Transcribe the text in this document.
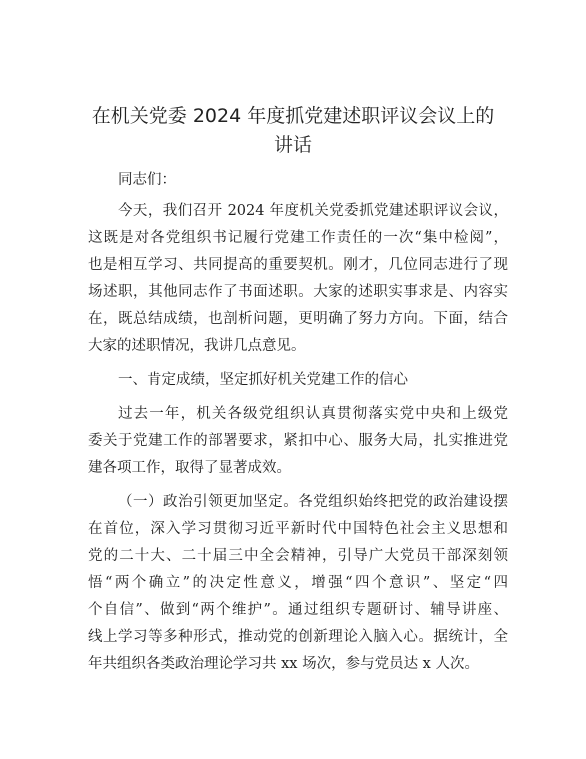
在机关党委 2024 年度抓党建述职评议会议上的
讲话
同志们：
今天，我们召开 2024 年度机关党委抓党建述职评议会议，
这既是对各党组织书记履行党建工作责任的一次“集中检阅”，
也是相互学习、共同提高的重要契机。刚才，几位同志进行了现
场述职，其他同志作了书面述职。大家的述职实事求是、内容实
在，既总结成绩，也剖析问题，更明确了努力方向。下面，结合
大家的述职情况，我讲几点意见。
一、肯定成绩，坚定抓好机关党建工作的信心
过去一年，机关各级党组织认真贯彻落实党中央和上级党
委关于党建工作的部署要求，紧扣中心、服务大局，扎实推进党
建各项工作，取得了显著成效。
（一）政治引领更加坚定。各党组织始终把党的政治建设摆
在首位，深入学习贯彻习近平新时代中国特色社会主义思想和
党的二十大、二十届三中全会精神，引导广大党员干部深刻领
悟“两个确立”的决定性意义，增强“四个意识”、坚定“四
个自信”、做到“两个维护”。通过组织专题研讨、辅导讲座、
线上学习等多种形式，推动党的创新理论入脑入心。据统计，全
年共组织各类政治理论学习共 xx 场次，参与党员达 x 人次。
